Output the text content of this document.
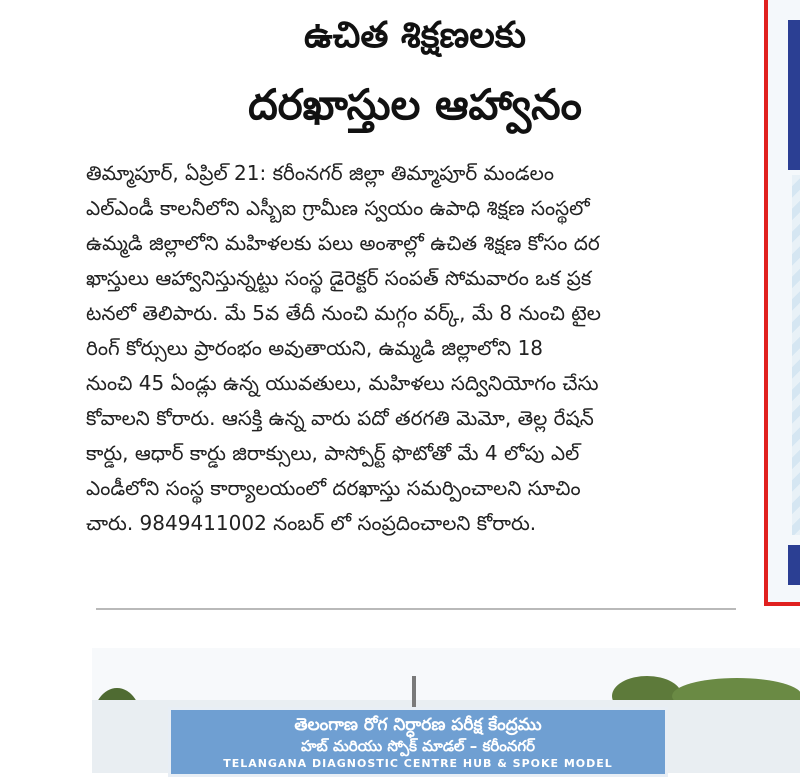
ఉచిత శిక్షణలకు
దరఖాస్తుల ఆహ్వానం
తిమ్మాపూర్, ఏప్రిల్ 21: కరీంనగర్ జిల్లా తిమ్మాపూర్ మండలం
ఎల్ఎండీ కాలనీలోని ఎస్బీఐ గ్రామీణ స్వయం ఉపాధి శిక్షణ సంస్థలో
ఉమ్మడి జిల్లాలోని మహిళలకు పలు అంశాల్లో ఉచిత శిక్షణ కోసం దర
ఖాస్తులు ఆహ్వానిస్తున్నట్టు సంస్థ డైరెక్టర్ సంపత్ సోమవారం ఒక ప్రక
టనలో తెలిపారు. మే 5వ తేదీ నుంచి మగ్గం వర్క్, మే 8 నుంచి టైల
రింగ్ కోర్సులు ప్రారంభం అవుతాయని, ఉమ్మడి జిల్లాలోని 18
నుంచి 45 ఏండ్లు ఉన్న యువతులు, మహిళలు సద్వినియోగం చేసు
కోవాలని కోరారు. ఆసక్తి ఉన్న వారు పదో తరగతి మెమో, తెల్ల రేషన్
కార్డు, ఆధార్ కార్డు జిరాక్సులు, పాస్పోర్ట్ ఫొటోతో మే 4 లోపు ఎల్
ఎండీలోని సంస్థ కార్యాలయంలో దరఖాస్తు సమర్పించాలని సూచిం
చారు. 9849411002 నంబర్ లో సంప్రదించాలని కోరారు.
తెలంగాణ రోగ నిర్ధారణ పరీక్ష కేంద్రము
హబ్ మరియు స్పోక్ మాడల్ – కరీంనగర్
TELANGANA DIAGNOSTIC CENTRE HUB & SPOKE MODEL
